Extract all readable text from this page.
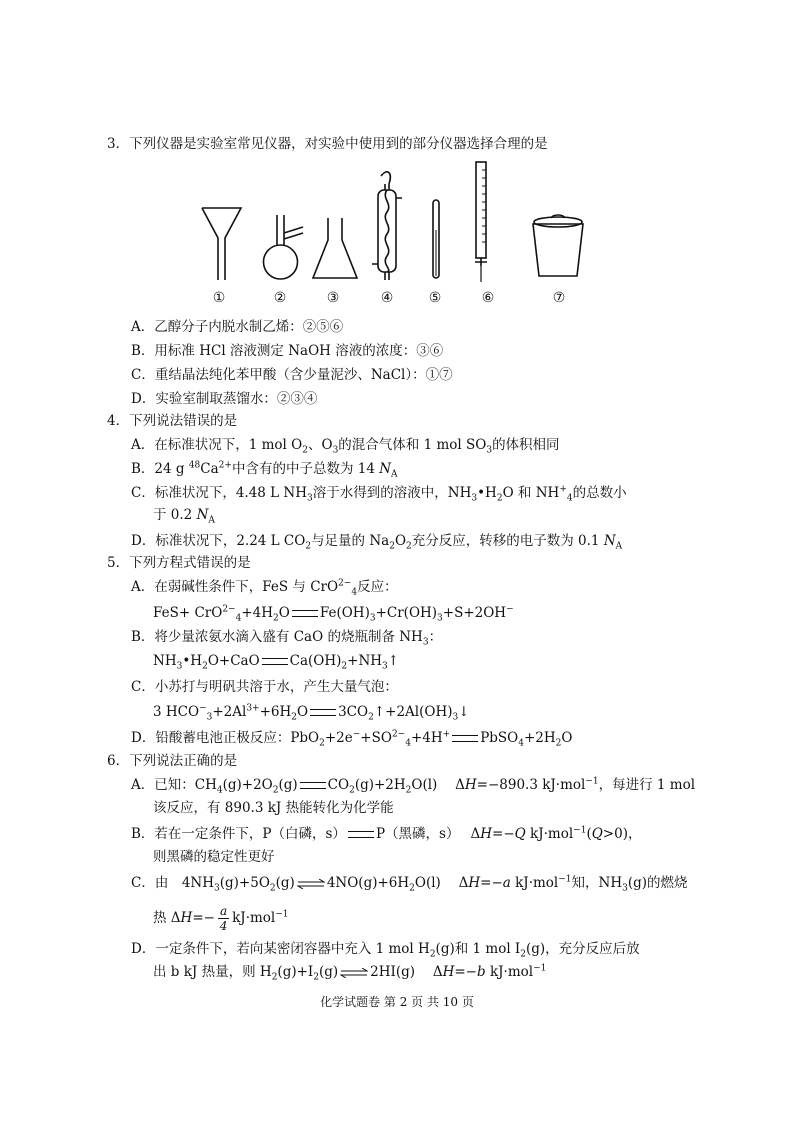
3．下列仪器是实验室常见仪器，对实验中使用到的部分仪器选择合理的是
①	②	③	④	⑤	⑥	⑦
A．乙醇分子内脱水制乙烯：②⑤⑥
B．用标准 HCl 溶液测定 NaOH 溶液的浓度：③⑥
C．重结晶法纯化苯甲酸（含少量泥沙、NaCl）：①⑦
D．实验室制取蒸馏水：②③④
4．下列说法错误的是
A．在标准状况下，1 mol $O_2$、$O_3$的混合气体和 1 mol $SO_3$的体积相同
B．24 g $^{48}Ca^{2+}$中含有的中子总数为 14 $N_A$
C．标准状况下，4.48 L $NH_3$溶于水得到的溶液中，$NH_3•H_2O$ 和 $NH^+_4$的总数小
于 0.2 $N_A$
D．标准状况下，2.24 L $CO_2$与足量的 $Na_2O_2$充分反应，转移的电子数为 0.1 $N_A$
5．下列方程式错误的是
A．在弱碱性条件下，FeS 与 CrO$^{2-}_4$反应：
$FeS+ CrO^{2-}_4+4H_2O$ $Fe(OH)_3+Cr(OH)_3+S+2OH^-$
B．将少量浓氨水滴入盛有 CaO 的烧瓶制备 $NH_3$：
$NH_3•H_2O+CaO$ $Ca(OH)_2+NH_3↑$
C．小苏打与明矾共溶于水，产生大量气泡：
3 $HCO^-_3+2Al^{3+}+6H_2O$ $3CO_2↑+2Al(OH)_3↓$
D．铅酸蓄电池正极反应：$PbO_2+2e^-+SO^{2-}_4+4H^+$ $PbSO_4+2H_2O$
6．下列说法正确的是
A．已知：$CH_4(g)+2O_2(g)$ $CO_2(g)+2H_2O(l)$　 ΔH=−890.3 kJ·mol$^{-1}$，每进行 1 mol
该反应，有 890.3 kJ 热能转化为化学能
B．若在一定条件下，P（白磷，s） P（黑磷，s）　 ΔH=−Q kJ·mol$^{-1}$(Q>0)，
则黑磷的稳定性更好
C．由　$4NH_3(g)+5O_2(g)$ $4NO(g)+6H_2O(l)$　 ΔH=−a kJ·mol$^{-1}$知，$NH_3(g)$的燃烧
热 $\Delta H=- \frac{a}{4} kJ\cdot mol^{-1}$
D．一定条件下，若向某密闭容器中充入 1 mol $H_2(g)$和 1 mol $I_2(g)$，充分反应后放
出 b kJ 热量，则 $H_2(g)+I_2(g)$ 2HI(g)　 ΔH=−b kJ·mol$^{-1}$
化学试题卷 第 2 页 共 10 页
